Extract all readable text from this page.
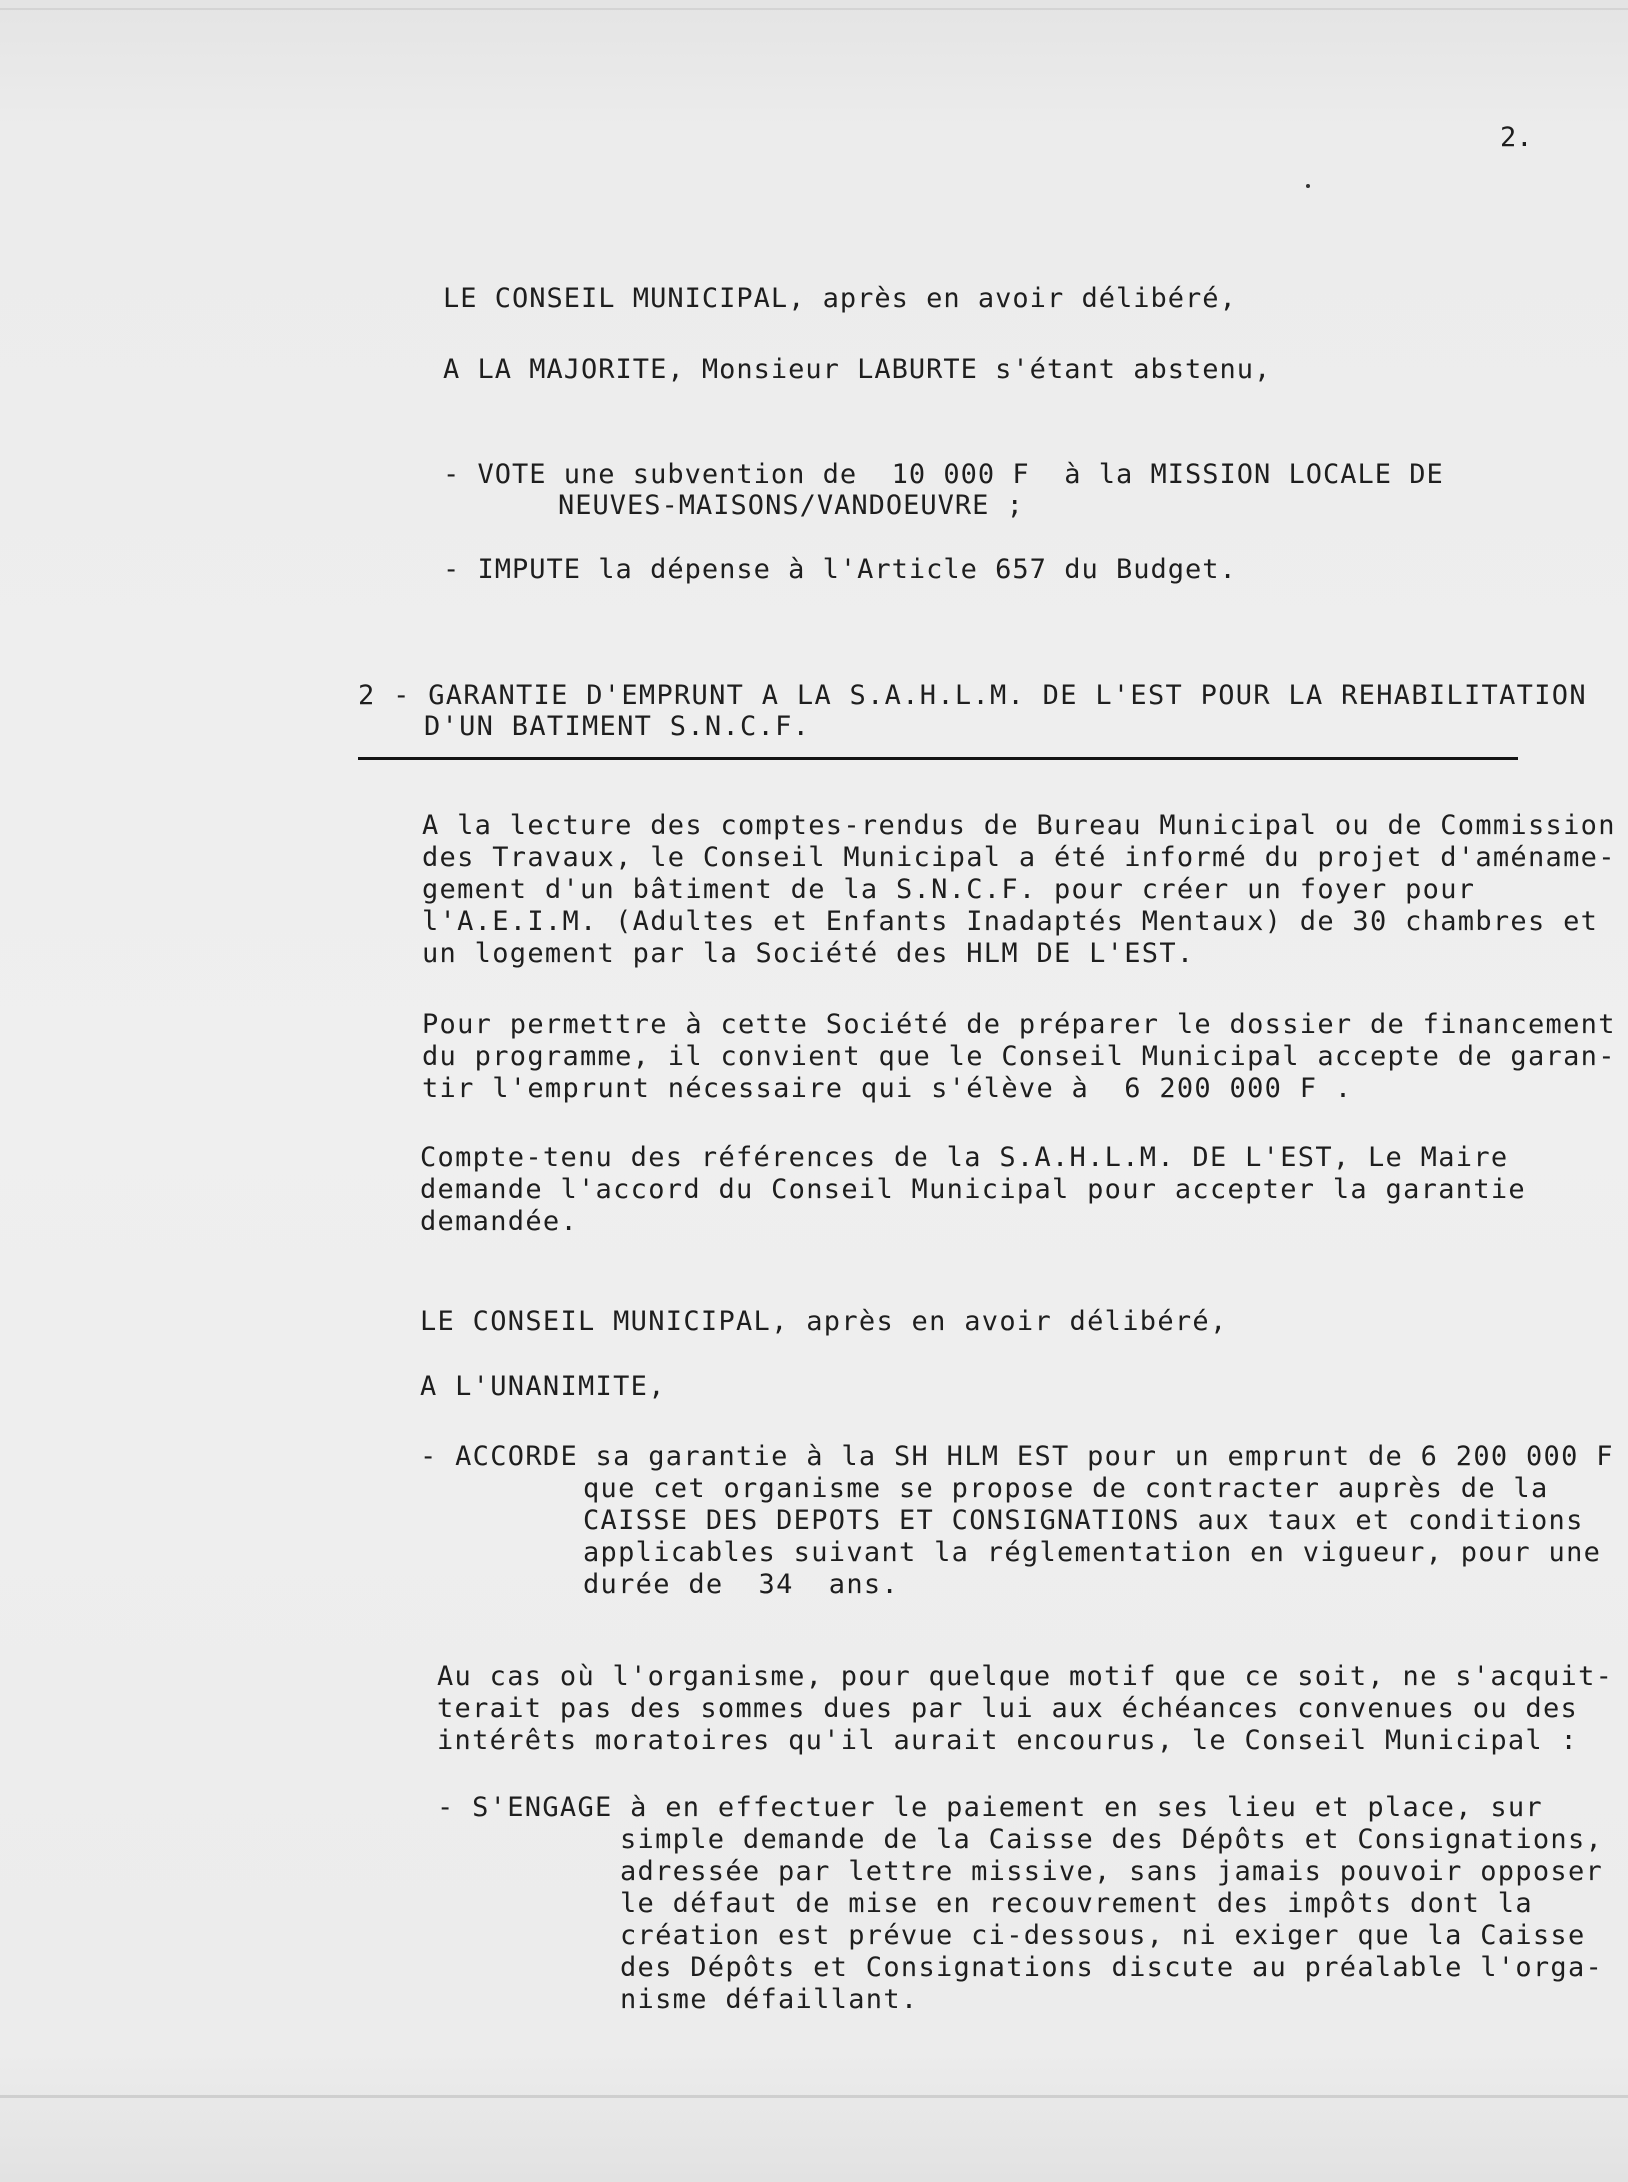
2.
LE CONSEIL MUNICIPAL, après en avoir délibéré,
A LA MAJORITE, Monsieur LABURTE s'étant abstenu,
- VOTE une subvention de  10 000 F  à la MISSION LOCALE DE
NEUVES-MAISONS/VANDOEUVRE ;
- IMPUTE la dépense à l'Article 657 du Budget.
2 - GARANTIE D'EMPRUNT A LA S.A.H.L.M. DE L'EST POUR LA REHABILITATION
D'UN BATIMENT S.N.C.F.
A la lecture des comptes-rendus de Bureau Municipal ou de Commission
des Travaux, le Conseil Municipal a été informé du projet d'améname-
gement d'un bâtiment de la S.N.C.F. pour créer un foyer pour
l'A.E.I.M. (Adultes et Enfants Inadaptés Mentaux) de 30 chambres et
un logement par la Société des HLM DE L'EST.
Pour permettre à cette Société de préparer le dossier de financement
du programme, il convient que le Conseil Municipal accepte de garan-
tir l'emprunt nécessaire qui s'élève à  6 200 000 F .
Compte-tenu des références de la S.A.H.L.M. DE L'EST, Le Maire
demande l'accord du Conseil Municipal pour accepter la garantie
demandée.
LE CONSEIL MUNICIPAL, après en avoir délibéré,
A L'UNANIMITE,
- ACCORDE sa garantie à la SH HLM EST pour un emprunt de 6 200 000 F
que cet organisme se propose de contracter auprès de la
CAISSE DES DEPOTS ET CONSIGNATIONS aux taux et conditions
applicables suivant la réglementation en vigueur, pour une
durée de  34  ans.
Au cas où l'organisme, pour quelque motif que ce soit, ne s'acquit-
terait pas des sommes dues par lui aux échéances convenues ou des
intérêts moratoires qu'il aurait encourus, le Conseil Municipal :
- S'ENGAGE à en effectuer le paiement en ses lieu et place, sur
simple demande de la Caisse des Dépôts et Consignations,
adressée par lettre missive, sans jamais pouvoir opposer
le défaut de mise en recouvrement des impôts dont la
création est prévue ci-dessous, ni exiger que la Caisse
des Dépôts et Consignations discute au préalable l'orga-
nisme défaillant.
